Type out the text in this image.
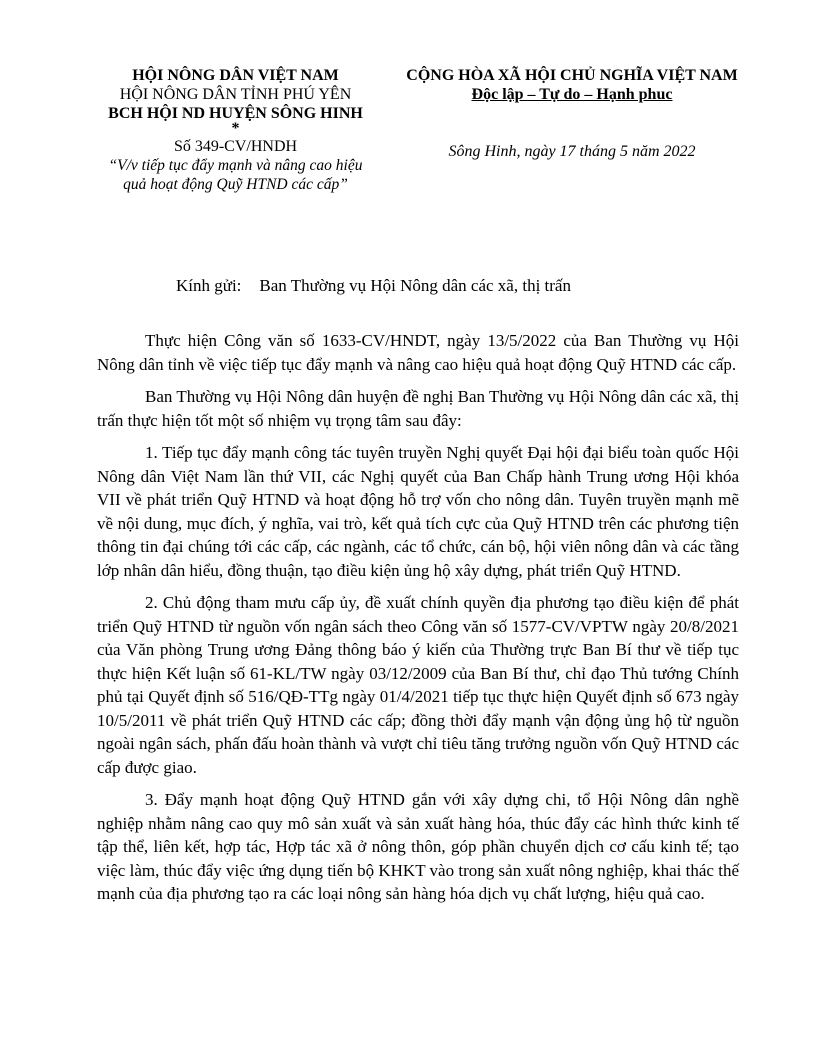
HỘI NÔNG DÂN VIỆT NAM
HỘI NÔNG DÂN TỈNH PHÚ YÊN
BCH HỘI ND HUYỆN SÔNG HINH
*
Số 349-CV/HNDH
“V/v tiếp tục đẩy mạnh và nâng cao hiệu
quả hoạt động Quỹ HTND các cấp”
CỘNG HÒA XÃ HỘI CHỦ NGHĨA VIỆT NAM
Độc lập – Tự do – Hạnh phuc
Sông Hinh, ngày 17 tháng 5 năm 2022
Kính gửi: Ban Thường vụ Hội Nông dân các xã, thị trấn

Thực hiện Công văn số 1633-CV/HNDT, ngày 13/5/2022 của Ban Thường vụ Hội Nông dân tỉnh về việc tiếp tục đẩy mạnh và nâng cao hiệu quả hoạt động Quỹ HTND các cấp.

Ban Thường vụ Hội Nông dân huyện đề nghị Ban Thường vụ Hội Nông dân các xã, thị trấn thực hiện tốt một số nhiệm vụ trọng tâm sau đây:

1. Tiếp tục đẩy mạnh công tác tuyên truyền Nghị quyết Đại hội đại biểu toàn quốc Hội Nông dân Việt Nam lần thứ VII, các Nghị quyết của Ban Chấp hành Trung ương Hội khóa VII về phát triển Quỹ HTND và hoạt động hỗ trợ vốn cho nông dân. Tuyên truyền mạnh mẽ về nội dung, mục đích, ý nghĩa, vai trò, kết quả tích cực của Quỹ HTND trên các phương tiện thông tin đại chúng tới các cấp, các ngành, các tổ chức, cán bộ, hội viên nông dân và các tầng lớp nhân dân hiểu, đồng thuận, tạo điều kiện ủng hộ xây dựng, phát triển Quỹ HTND.

2. Chủ động tham mưu cấp ủy, đề xuất chính quyền địa phương tạo điều kiện để phát triển Quỹ HTND từ nguồn vốn ngân sách theo Công văn số 1577-CV/VPTW ngày 20/8/2021 của Văn phòng Trung ương Đảng thông báo ý kiến của Thường trực Ban Bí thư về tiếp tục thực hiện Kết luận số 61-KL/TW ngày 03/12/2009 của Ban Bí thư, chỉ đạo Thủ tướng Chính phủ tại Quyết định số 516/QĐ-TTg ngày 01/4/2021 tiếp tục thực hiện Quyết định số 673 ngày 10/5/2011 về phát triển Quỹ HTND các cấp; đồng thời đẩy mạnh vận động ủng hộ từ nguồn ngoài ngân sách, phấn đấu hoàn thành và vượt chỉ tiêu tăng trưởng nguồn vốn Quỹ HTND các cấp được giao.

3. Đẩy mạnh hoạt động Quỹ HTND gắn với xây dựng chi, tổ Hội Nông dân nghề nghiệp nhằm nâng cao quy mô sản xuất và sản xuất hàng hóa, thúc đẩy các hình thức kinh tế tập thể, liên kết, hợp tác, Hợp tác xã ở nông thôn, góp phần chuyển dịch cơ cấu kinh tế; tạo việc làm, thúc đẩy việc ứng dụng tiến bộ KHKT vào trong sản xuất nông nghiệp, khai thác thế mạnh của địa phương tạo ra các loại nông sản hàng hóa dịch vụ chất lượng, hiệu quả cao.
